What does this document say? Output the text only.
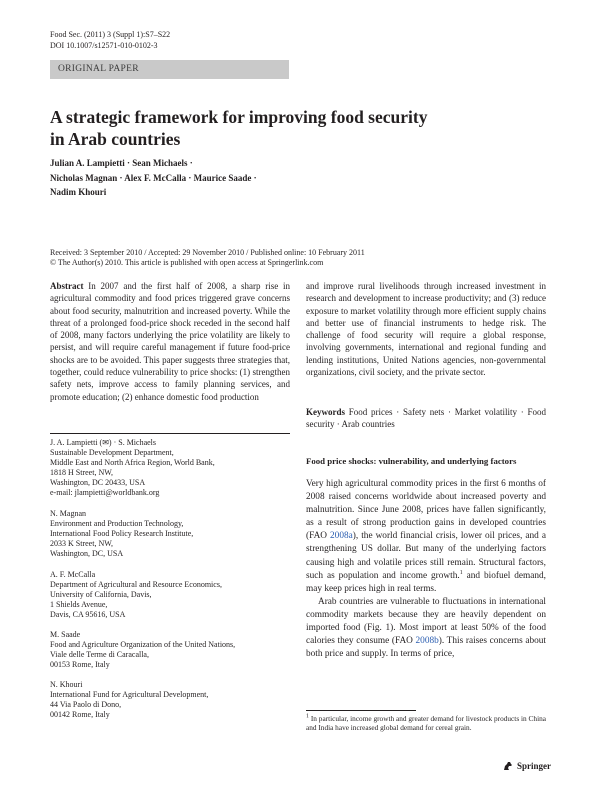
Food Sec. (2011) 3 (Suppl 1):S7–S22
DOI 10.1007/s12571-010-0102-3
ORIGINAL PAPER
A strategic framework for improving food security
in Arab countries
Julian A. Lampietti · Sean Michaels ·
Nicholas Magnan · Alex F. McCalla · Maurice Saade ·
Nadim Khouri
Received: 3 September 2010 / Accepted: 29 November 2010 / Published online: 10 February 2011
© The Author(s) 2010. This article is published with open access at Springerlink.com

Abstract In 2007 and the first half of 2008, a sharp rise in agricultural commodity and food prices triggered grave concerns about food security, malnutrition and increased poverty. While the threat of a prolonged food-price shock receded in the second half of 2008, many factors underlying the price volatility are likely to persist, and will require careful management if future food-price shocks are to be avoided. This paper suggests three strategies that, together, could reduce vulnerability to price shocks: (1) strengthen safety nets, improve access to family planning services, and promote education; (2) enhance domestic food production

J. A. Lampietti (✉) · S. Michaels
Sustainable Development Department,
Middle East and North Africa Region, World Bank,
1818 H Street, NW,
Washington, DC 20433, USA
e-mail: jlampietti@worldbank.org
N. Magnan
Environment and Production Technology,
International Food Policy Research Institute,
2033 K Street, NW,
Washington, DC, USA
A. F. McCalla
Department of Agricultural and Resource Economics,
University of California, Davis,
1 Shields Avenue,
Davis, CA 95616, USA
M. Saade
Food and Agriculture Organization of the United Nations,
Viale delle Terme di Caracalla,
00153 Rome, Italy
N. Khouri
International Fund for Agricultural Development,
44 Via Paolo di Dono,
00142 Rome, Italy

and improve rural livelihoods through increased investment in research and development to increase productivity; and (3) reduce exposure to market volatility through more efficient supply chains and better use of financial instruments to hedge risk. The challenge of food security will require a global response, involving governments, international and regional funding and lending institutions, United Nations agencies, non-governmental organizations, civil society, and the private sector.

Keywords Food prices · Safety nets · Market volatility · Food security · Arab countries

Food price shocks: vulnerability, and underlying factors

Very high agricultural commodity prices in the first 6 months of 2008 raised concerns worldwide about increased poverty and malnutrition. Since June 2008, prices have fallen significantly, as a result of strong production gains in developed countries (FAO 2008a), the world financial crisis, lower oil prices, and a strengthening US dollar. But many of the underlying factors causing high and volatile prices still remain. Structural factors, such as population and income growth.$^1$ and biofuel demand, may keep prices high in real terms.

Arab countries are vulnerable to fluctuations in international commodity markets because they are heavily dependent on imported food (Fig. 1). Most import at least 50% of the food calories they consume (FAO 2008b). This raises concerns about both price and supply. In terms of price,

$^1$ In particular, income growth and greater demand for livestock products in China and India have increased global demand for cereal grain.
Springer
